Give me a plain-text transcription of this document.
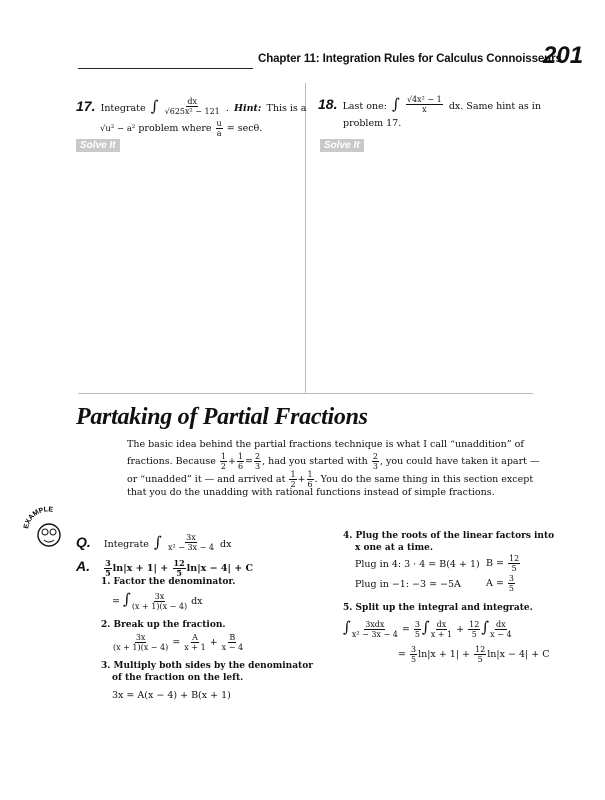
Chapter 11: Integration Rules for Calculus Connoisseurs
201
17. Integrate ∫ $\frac{dx}{\text{√625x² − 121}}$ . Hint: This is a
√u² − a² problem where $\frac{u}{a} = \sec\theta$.
Solve It
18. Last one: ∫ $\frac{\text{√4x² − 1}}{x}$ dx. Same hint as in
problem 17.
Solve It
Partaking of Partial Fractions
The basic idea behind the partial fractions technique is what I call “unaddition” of
fractions. Because $\frac{1}{2} + \frac{1}{6} = \frac{2}{3}$ , had you started with $\frac{2}{3}$ , you could have taken it apart —
or “unadded” it — and arrived at $\frac{1}{2} + \frac{1}{6}$ . You do the same thing in this section except
that you do the unadding with rational functions instead of simple fractions.
EXAMPLE
Q. Integrate ∫ $\frac{3x}{\text{x² − 3x − 4}}$ dx
A. $\frac{3}{5} \ln|x + 1| + \frac{12}{5} \ln|x - 4| + C$
1. Factor the denominator.
= ∫ $\frac{3x}{(x + 1)(x - 4)}$ dx
2. Break up the fraction.
$\frac{3x}{(x + 1)(x - 4)} = \frac{A}{x + 1} + \frac{B}{x - 4}$
3. Multiply both sides by the denominator
of the fraction on the left.
3x = A(x − 4) + B(x + 1)
4. Plug the roots of the linear factors into
x one at a time.
Plug in 4: 3 · 4 = B(4 + 1) $B = \frac{12}{5}$
Plug in −1: −3 = −5A	$A = \frac{3}{5}$
5. Split up the integral and integrate.
∫ $\frac{\text{3xdx}}{\text{x² − 3x − 4}} = \frac{3}{5}$ ∫ $\frac{dx}{x + 1} + \frac{12}{5}$ ∫ $\frac{dx}{x - 4}$
= $\frac{3}{5} \ln|x + 1| + \frac{12}{5} \ln|x - 4| + C$
